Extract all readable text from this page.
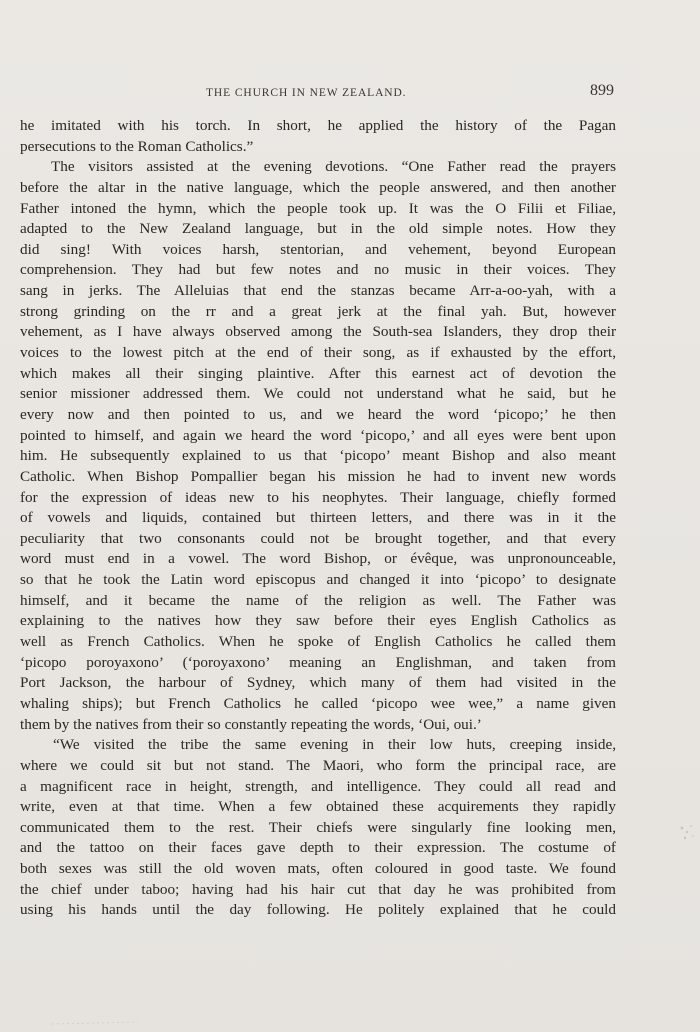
THE CHURCH IN NEW ZEALAND.	899
he imitated with his torch. In short, he applied the history of the Pagan
persecutions to the Roman Catholics.”
The visitors assisted at the evening devotions. “One Father read the prayers
before the altar in the native language, which the people answered, and then another
Father intoned the hymn, which the people took up. It was the O Filii et Filiae,
adapted to the New Zealand language, but in the old simple notes. How they
did sing! With voices harsh, stentorian, and vehement, beyond European
comprehension. They had but few notes and no music in their voices. They
sang in jerks. The Alleluias that end the stanzas became Arr-a-oo-yah, with a
strong grinding on the rr and a great jerk at the final yah. But, however
vehement, as I have always observed among the South-sea Islanders, they drop their
voices to the lowest pitch at the end of their song, as if exhausted by the effort,
which makes all their singing plaintive. After this earnest act of devotion the
senior missioner addressed them. We could not understand what he said, but he
every now and then pointed to us, and we heard the word ‘picopo;’ he then
pointed to himself, and again we heard the word ‘picopo,’ and all eyes were bent upon
him. He subsequently explained to us that ‘picopo’ meant Bishop and also meant
Catholic. When Bishop Pompallier began his mission he had to invent new words
for the expression of ideas new to his neophytes. Their language, chiefly formed
of vowels and liquids, contained but thirteen letters, and there was in it the
peculiarity that two consonants could not be brought together, and that every
word must end in a vowel. The word Bishop, or évêque, was unpronounceable,
so that he took the Latin word episcopus and changed it into ‘picopo’ to designate
himself, and it became the name of the religion as well. The Father was
explaining to the natives how they saw before their eyes English Catholics as
well as French Catholics. When he spoke of English Catholics he called them
‘picopo poroyaxono’ (‘poroyaxono’ meaning an Englishman, and taken from
Port Jackson, the harbour of Sydney, which many of them had visited in the
whaling ships); but French Catholics he called ‘picopo wee wee,” a name given
them by the natives from their so constantly repeating the words, ‘Oui, oui.’
“We visited the tribe the same evening in their low huts, creeping inside,
where we could sit but not stand. The Maori, who form the principal race, are
a magnificent race in height, strength, and intelligence. They could all read and
write, even at that time. When a few obtained these acquirements they rapidly
communicated them to the rest. Their chiefs were singularly fine looking men,
and the tattoo on their faces gave depth to their expression. The costume of
both sexes was still the old woven mats, often coloured in good taste. We found
the chief under taboo; having had his hair cut that day he was prohibited from
using his hands until the day following. He politely explained that he could
